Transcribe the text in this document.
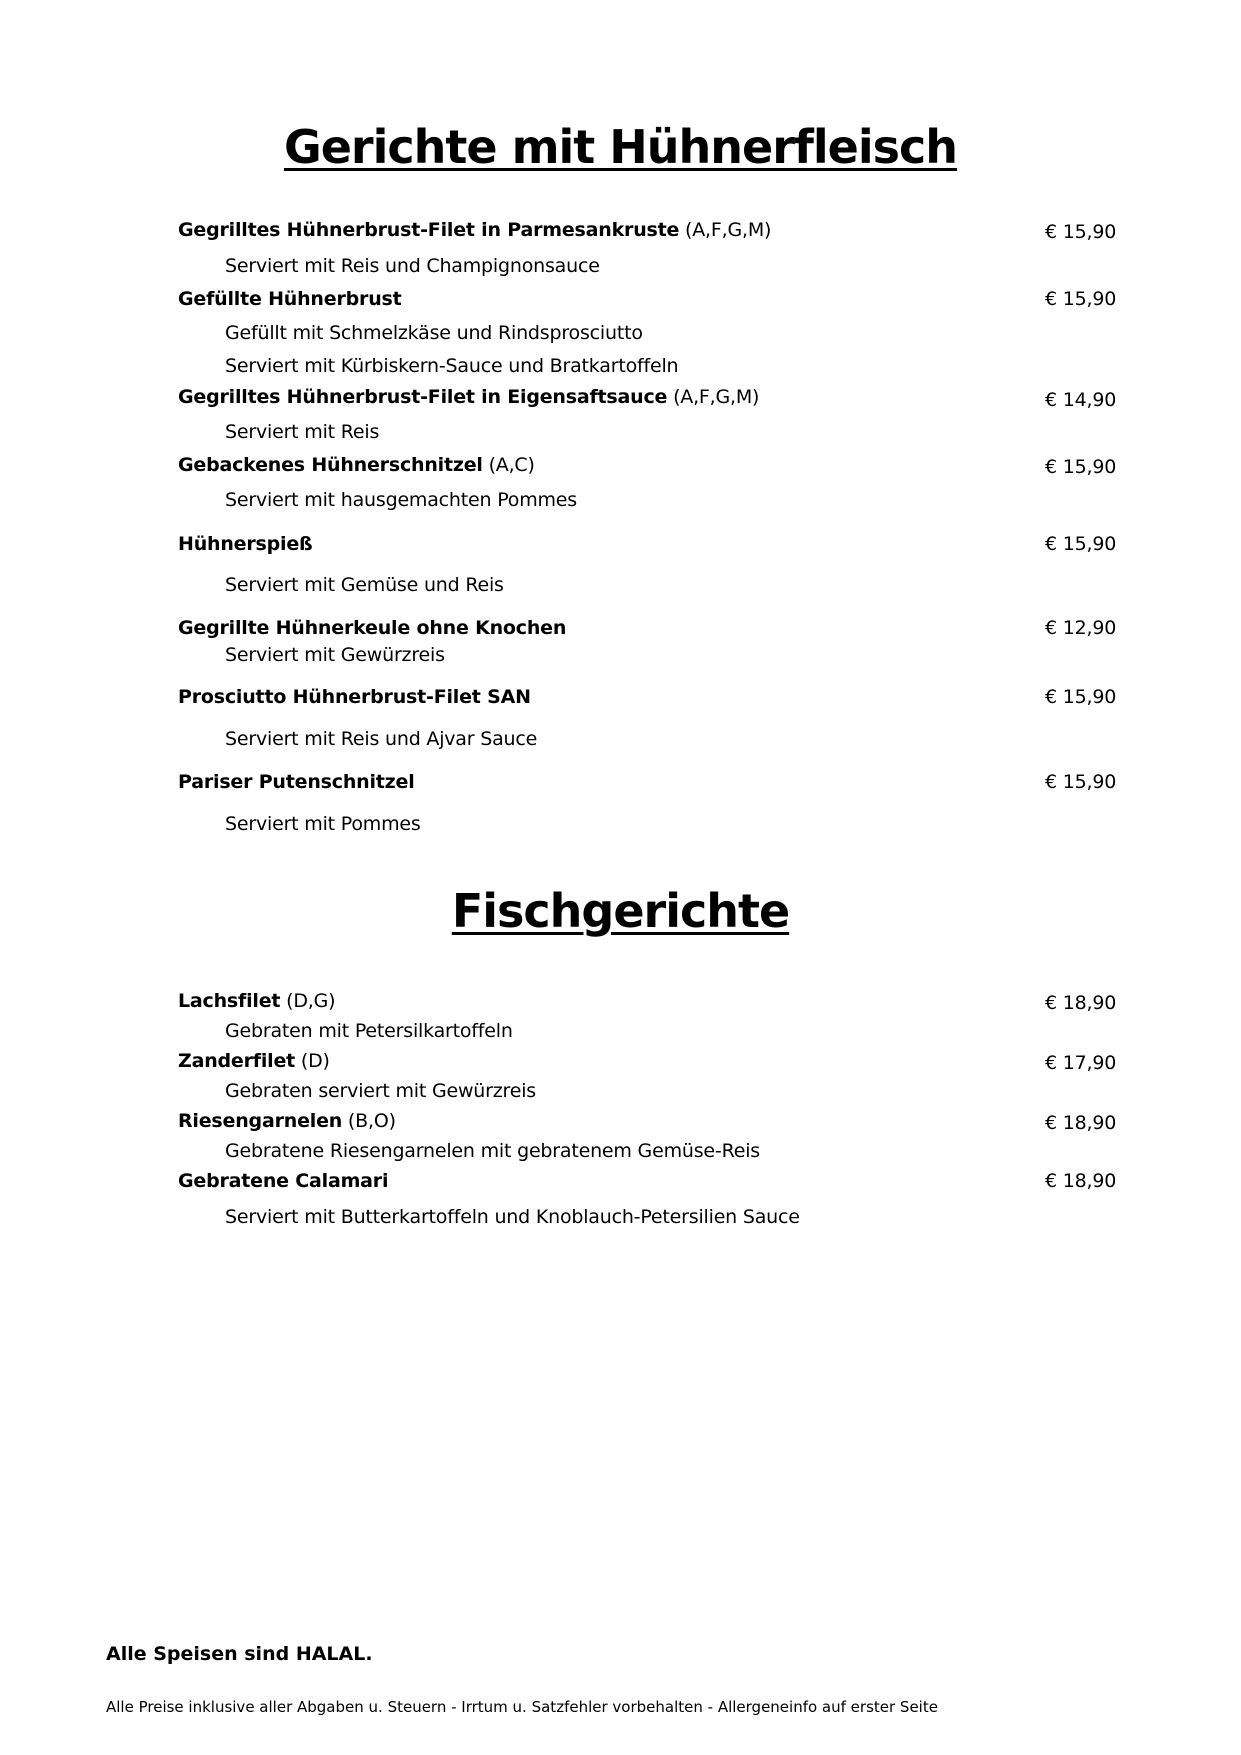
Gerichte mit Hühnerfleisch
Gegrilltes Hühnerbrust-Filet in Parmesankruste (A,F,G,M)	€ 15,90
Serviert mit Reis und Champignonsauce
Gefüllte Hühnerbrust	€ 15,90
Gefüllt mit Schmelzkäse und Rindsprosciutto
Serviert mit Kürbiskern-Sauce und Bratkartoffeln
Gegrilltes Hühnerbrust-Filet in Eigensaftsauce (A,F,G,M)	€ 14,90
Serviert mit Reis
Gebackenes Hühnerschnitzel (A,C)	€ 15,90
Serviert mit hausgemachten Pommes
Hühnerspieß	€ 15,90
Serviert mit Gemüse und Reis
Gegrillte Hühnerkeule ohne Knochen	€ 12,90
Serviert mit Gewürzreis
Prosciutto Hühnerbrust-Filet SAN	€ 15,90
Serviert mit Reis und Ajvar Sauce
Pariser Putenschnitzel	€ 15,90
Serviert mit Pommes
Fischgerichte
Lachsfilet (D,G)	€ 18,90
Gebraten mit Petersilkartoffeln
Zanderfilet (D)	€ 17,90
Gebraten serviert mit Gewürzreis
Riesengarnelen (B,O)	€ 18,90
Gebratene Riesengarnelen mit gebratenem Gemüse-Reis
Gebratene Calamari	€ 18,90
Serviert mit Butterkartoffeln und Knoblauch-Petersilien Sauce
Alle Speisen sind HALAL.
Alle Preise inklusive aller Abgaben u. Steuern - Irrtum u. Satzfehler vorbehalten - Allergeneinfo auf erster Seite
